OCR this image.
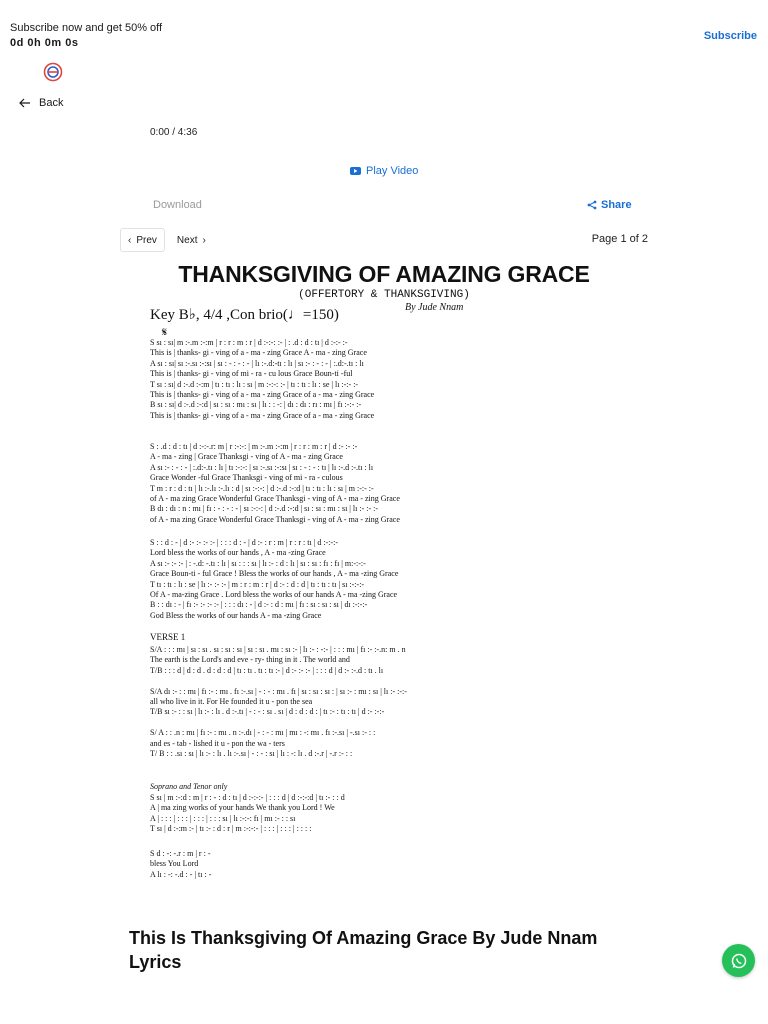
Subscribe now and get 50% off
0d 0h 0m 0s
Subscribe
Back
0:00 / 4:36
Play Video
Download	Share
‹ Prev Next ›	Page 1 of 2
THANKSGIVING OF AMAZING GRACE
(OFFERTORY & THANKSGIVING)
By Jude Nnam
Key B♭, 4/4 ,Con brio(♩=150)
𝄋
S sı : sı| m :-.m :-:m | r : r : m : r | d :-:-: :- | : .d : d : tı | d :-:- :-
This is | thanks- gi - ving of a - ma - zing Grace A - ma - zing Grace
A sı : sı| sı :-.sı :-:sı | sı : - : - : - | lı :-.d:-tı : lı | sı :- : - : - | :.d:-.tı : lı
This is | thanks- gi - ving of mi - ra - cu lous Grace Boun-ti -ful
T sı : sı| d :-.d :-:m | tı : tı : lı : sı | m :-:-: :- | tı : tı : lı : se | lı :-:- :-
This is | thanks- gi - ving of a - ma - zing Grace of a - ma - zing Grace
B sı : sı| d :-.d :-:d | sı : sı : mı : sı | lı : : -: | dı : dı : rı : mı | fı :-:- :-
This is | thanks- gi - ving of a - ma - zing Grace of a - ma - zing Grace
S : .d : d : tı | d :-:-.r: m | r :-:-: | m :-.m :-:m | r : r : m : r | d :- :- :-
A - ma - zing | Grace Thanksgi - ving of A - ma - zing Grace
A sı :- : - : - | :.d:-.tı : lı | tı :-:-: | sı :-.sı :-:sı | sı : - : - : tı | lı :-.d :-.tı : lı
Grace Wonder -ful Grace Thanksgi - ving of mi - ra - culous
T m : r : d : tı | lı :-.lı :-.lı : d | sı :-:-: | d :-.d :-:d | tı : tı : lı : sı | m :-:- :-
of A - ma zing Grace Wonderful Grace Thanksgi - ving of A - ma - zing Grace
B dı : dı : n : mı | fı : - : - : - | sı :-:-: | d :-.d :-:d | sı : sı : mı : sı | lı :- :- :-
of A - ma zing Grace Wonderful Grace Thanksgi - ving of A - ma - zing Grace
S : : d : - | d :- :- :- :- | : : : d : - | d :- : r : m | r : r : tı | d :-:-:-
Lord bless the works of our hands , A - ma -zing Grace
A sı :- :- :- | : -.d: -.tı : lı | sı : : : sı | lı :- : d : lı | sı : sı : fı : fı | m:-:-:-
Grace Boun-ti - ful Grace ! Bless the works of our hands , A - ma -zing Grace
T tı : tı : lı : se | lı :- :- :- | m : r : m : r | d :- : d : d | tı : tı : tı | sı :-:-:-
Of A - ma-zing Grace . Lord bless the works of our hands A - ma -zing Grace
B : : dı : - | fı :- :- :- :- | : : : dı : - | d :- : d : mı | fı : sı : sı : sı | dı :-:-:-
God Bless the works of our hands A - ma -zing Grace
VERSE 1
S/A : : : mı | sı : sı . sı : sı : sı | sı : sı . mı : sı :- | lı :- : -:- | : : : mı | fı :- :-.n: m . n
The earth is the Lord's and eve - ry- thing in it . The world and
T/B : : : d | d : d . d : d : d | tı : tı . tı : tı :- | d :- :- :- | : : : d | d :- :-.d : tı . lı
S/A dı :- : : mı | fı :- : mı . fı :-.sı | - : - : mı . fı | sı : sı : sı : | sı :- : mı : sı | lı :- :-:-
all who live in it. For He founded it u - pon the sea
T/B sı :- : : sı | lı :- : lı . d :-.tı | - : - : sı . sı | d : d : d : | tı :- : tı : tı | d :- :-:-
S/ A : : .n : mı | fı :- : mı . n :-.dı | - : - : mı | mı : -: mı . fı :-.sı | -.sı :- : :
and es - tab - lished it u - pon the wa - ters
T/ B : : .sı : sı | lı :- : lı . lı :-.sı | - : - : sı | lı : -: lı . d :-.r | -.r :- : :
Soprano and Tenor only
S sı | m :-:d : m | r : - : d : tı | d :-:-:- | : : : d | d :-:-:d | tı :- : : d
A | ma zing works of your hands We thank you Lord ! We
A | : : : | : : : | : : : | : : : sı | lı :-:-: fı | mı :- : : sı
T sı | d :-:m :- | tı :- : d : r | m :-:-:- | : : : | : : : | : : : :
S d : -: -.r : m | r : -
bless You Lord
A lı : -: -.d : - | tı : -
This Is Thanksgiving Of Amazing Grace By Jude Nnam Lyrics
